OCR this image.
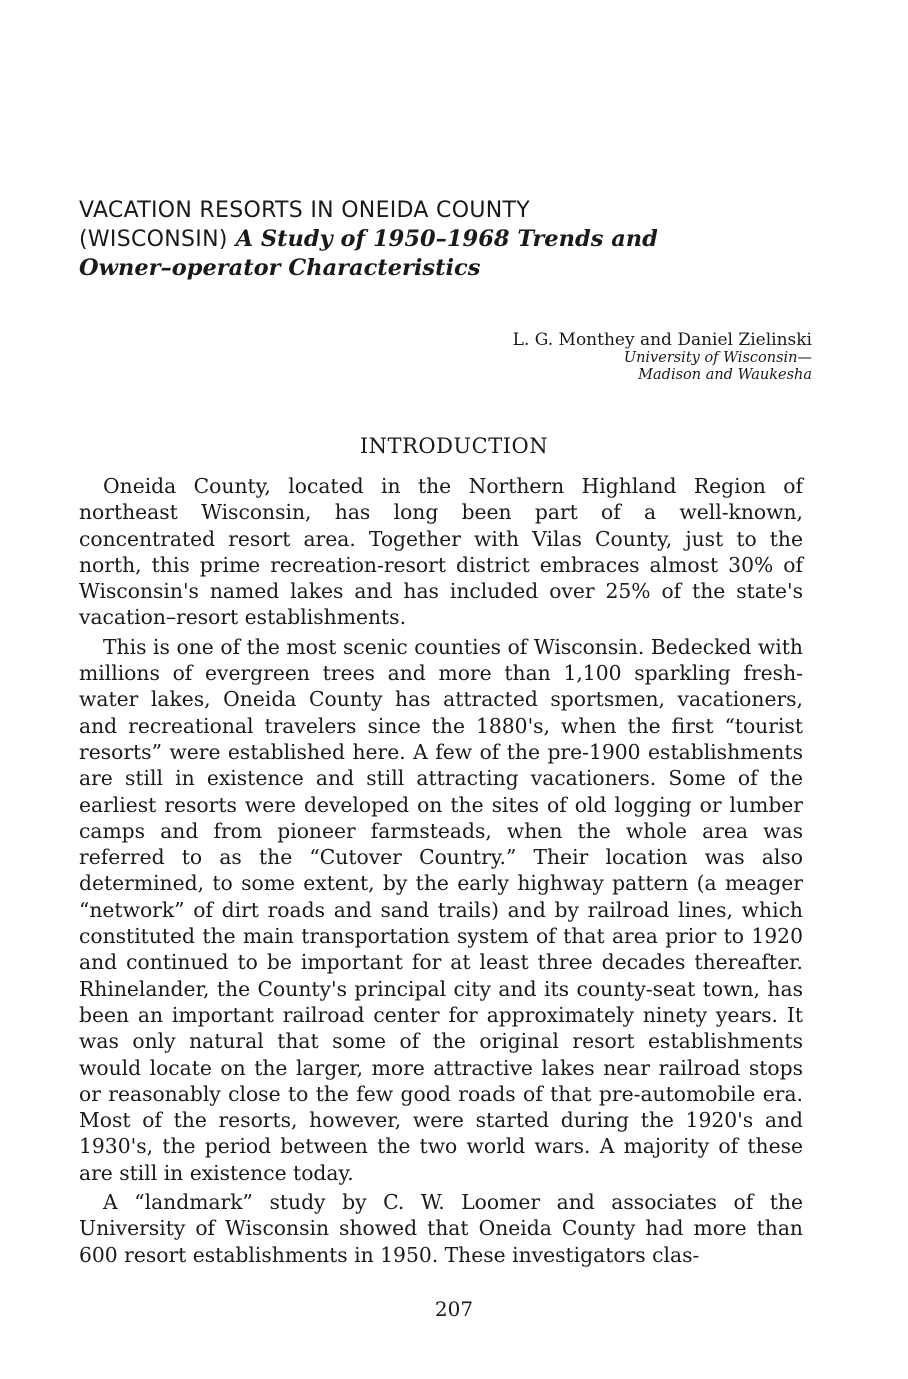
VACATION RESORTS IN ONEIDA COUNTY
(WISCONSIN) A Study of 1950–1968 Trends and
Owner–operator Characteristics
L. G. Monthey and Daniel Zielinski
University of Wisconsin—
Madison and Waukesha
INTRODUCTION

Oneida County, located in the Northern Highland Region of northeast Wisconsin, has long been part of a well-known, concentrated resort area. Together with Vilas County, just to the north, this prime recreation-resort district embraces almost 30% of Wisconsin's named lakes and has included over 25% of the state's vacation–resort establishments.

This is one of the most scenic counties of Wisconsin. Bedecked with millions of evergreen trees and more than 1,100 sparkling fresh-water lakes, Oneida County has attracted sportsmen, vacationers, and recreational travelers since the 1880's, when the first “tourist resorts” were established here. A few of the pre-1900 establishments are still in existence and still attracting vacationers. Some of the earliest resorts were developed on the sites of old logging or lumber camps and from pioneer farmsteads, when the whole area was referred to as the “Cutover Country.” Their location was also determined, to some extent, by the early highway pattern (a meager “network” of dirt roads and sand trails) and by railroad lines, which constituted the main transportation system of that area prior to 1920 and continued to be important for at least three decades thereafter. Rhinelander, the County's principal city and its county-seat town, has been an important railroad center for approximately ninety years. It was only natural that some of the original resort establishments would locate on the larger, more attractive lakes near railroad stops or reasonably close to the few good roads of that pre-automobile era. Most of the resorts, however, were started during the 1920's and 1930's, the period between the two world wars. A majority of these are still in existence today.

A “landmark” study by C. W. Loomer and associates of the University of Wisconsin showed that Oneida County had more than 600 resort establishments in 1950. These investigators clas-

207
